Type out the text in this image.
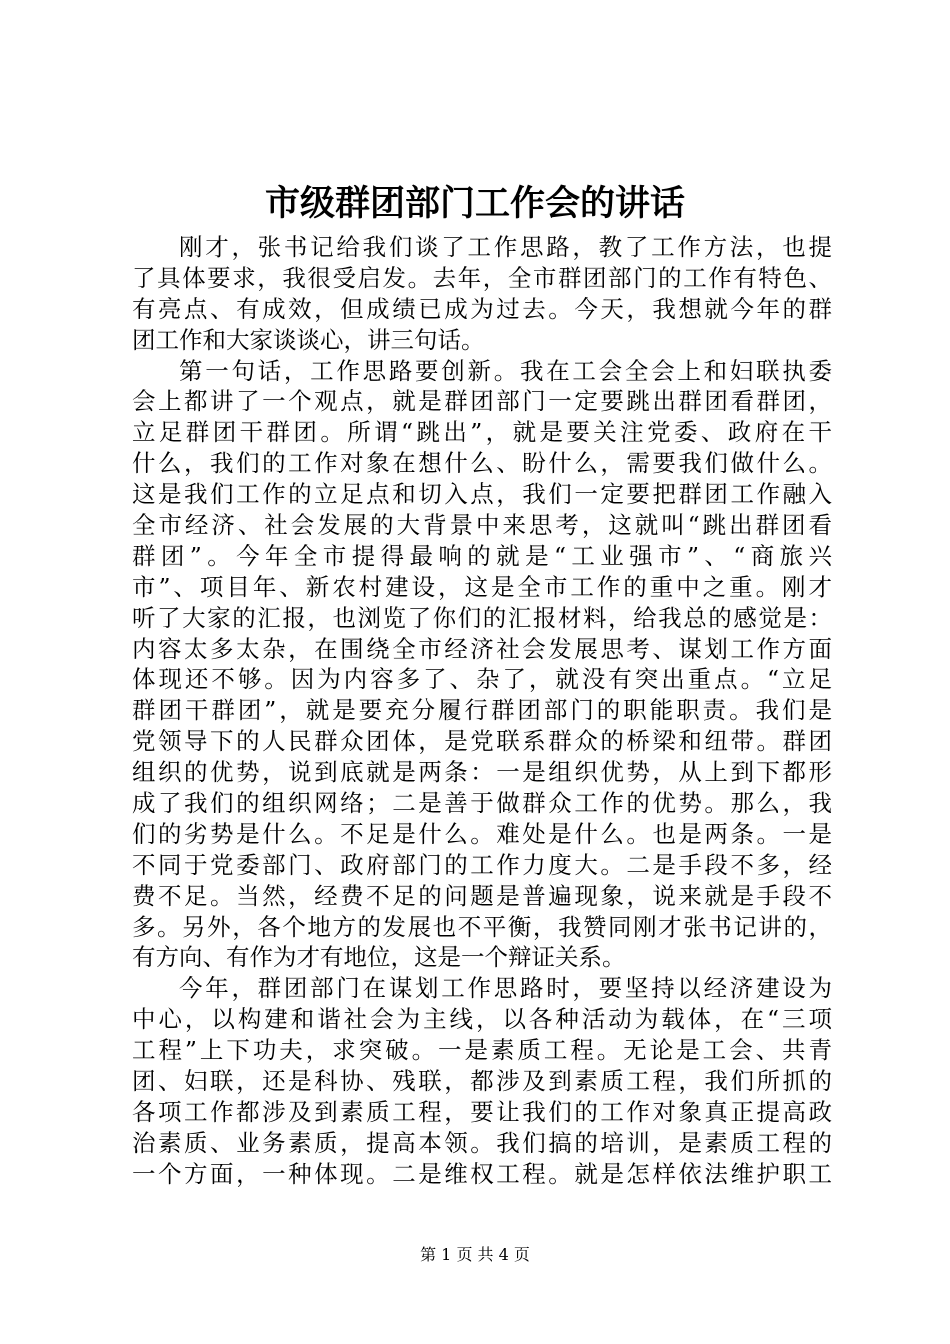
市级群团部门工作会的讲话
刚才，张书记给我们谈了工作思路，教了工作方法，也提
了具体要求，我很受启发。去年，全市群团部门的工作有特色、
有亮点、有成效，但成绩已成为过去。今天，我想就今年的群
团工作和大家谈谈心，讲三句话。
第一句话，工作思路要创新。我在工会全会上和妇联执委
会上都讲了一个观点，就是群团部门一定要跳出群团看群团，
立足群团干群团。所谓“跳出”，就是要关注党委、政府在干
什么，我们的工作对象在想什么、盼什么，需要我们做什么。
这是我们工作的立足点和切入点，我们一定要把群团工作融入
全市经济、社会发展的大背景中来思考，这就叫“跳出群团看
群团”。今年全市提得最响的就是“工业强市”、“商旅兴
市”、项目年、新农村建设，这是全市工作的重中之重。刚才
听了大家的汇报，也浏览了你们的汇报材料，给我总的感觉是：
内容太多太杂，在围绕全市经济社会发展思考、谋划工作方面
体现还不够。因为内容多了、杂了，就没有突出重点。“立足
群团干群团”，就是要充分履行群团部门的职能职责。我们是
党领导下的人民群众团体，是党联系群众的桥梁和纽带。群团
组织的优势，说到底就是两条：一是组织优势，从上到下都形
成了我们的组织网络；二是善于做群众工作的优势。那么，我
们的劣势是什么。不足是什么。难处是什么。也是两条。一是
不同于党委部门、政府部门的工作力度大。二是手段不多，经
费不足。当然，经费不足的问题是普遍现象，说来就是手段不
多。另外，各个地方的发展也不平衡，我赞同刚才张书记讲的，
有方向、有作为才有地位，这是一个辩证关系。
今年，群团部门在谋划工作思路时，要坚持以经济建设为
中心，以构建和谐社会为主线，以各种活动为载体，在“三项
工程”上下功夫，求突破。一是素质工程。无论是工会、共青
团、妇联，还是科协、残联，都涉及到素质工程，我们所抓的
各项工作都涉及到素质工程，要让我们的工作对象真正提高政
治素质、业务素质，提高本领。我们搞的培训，是素质工程的
一个方面，一种体现。二是维权工程。就是怎样依法维护职工
第 1 页 共 4 页
